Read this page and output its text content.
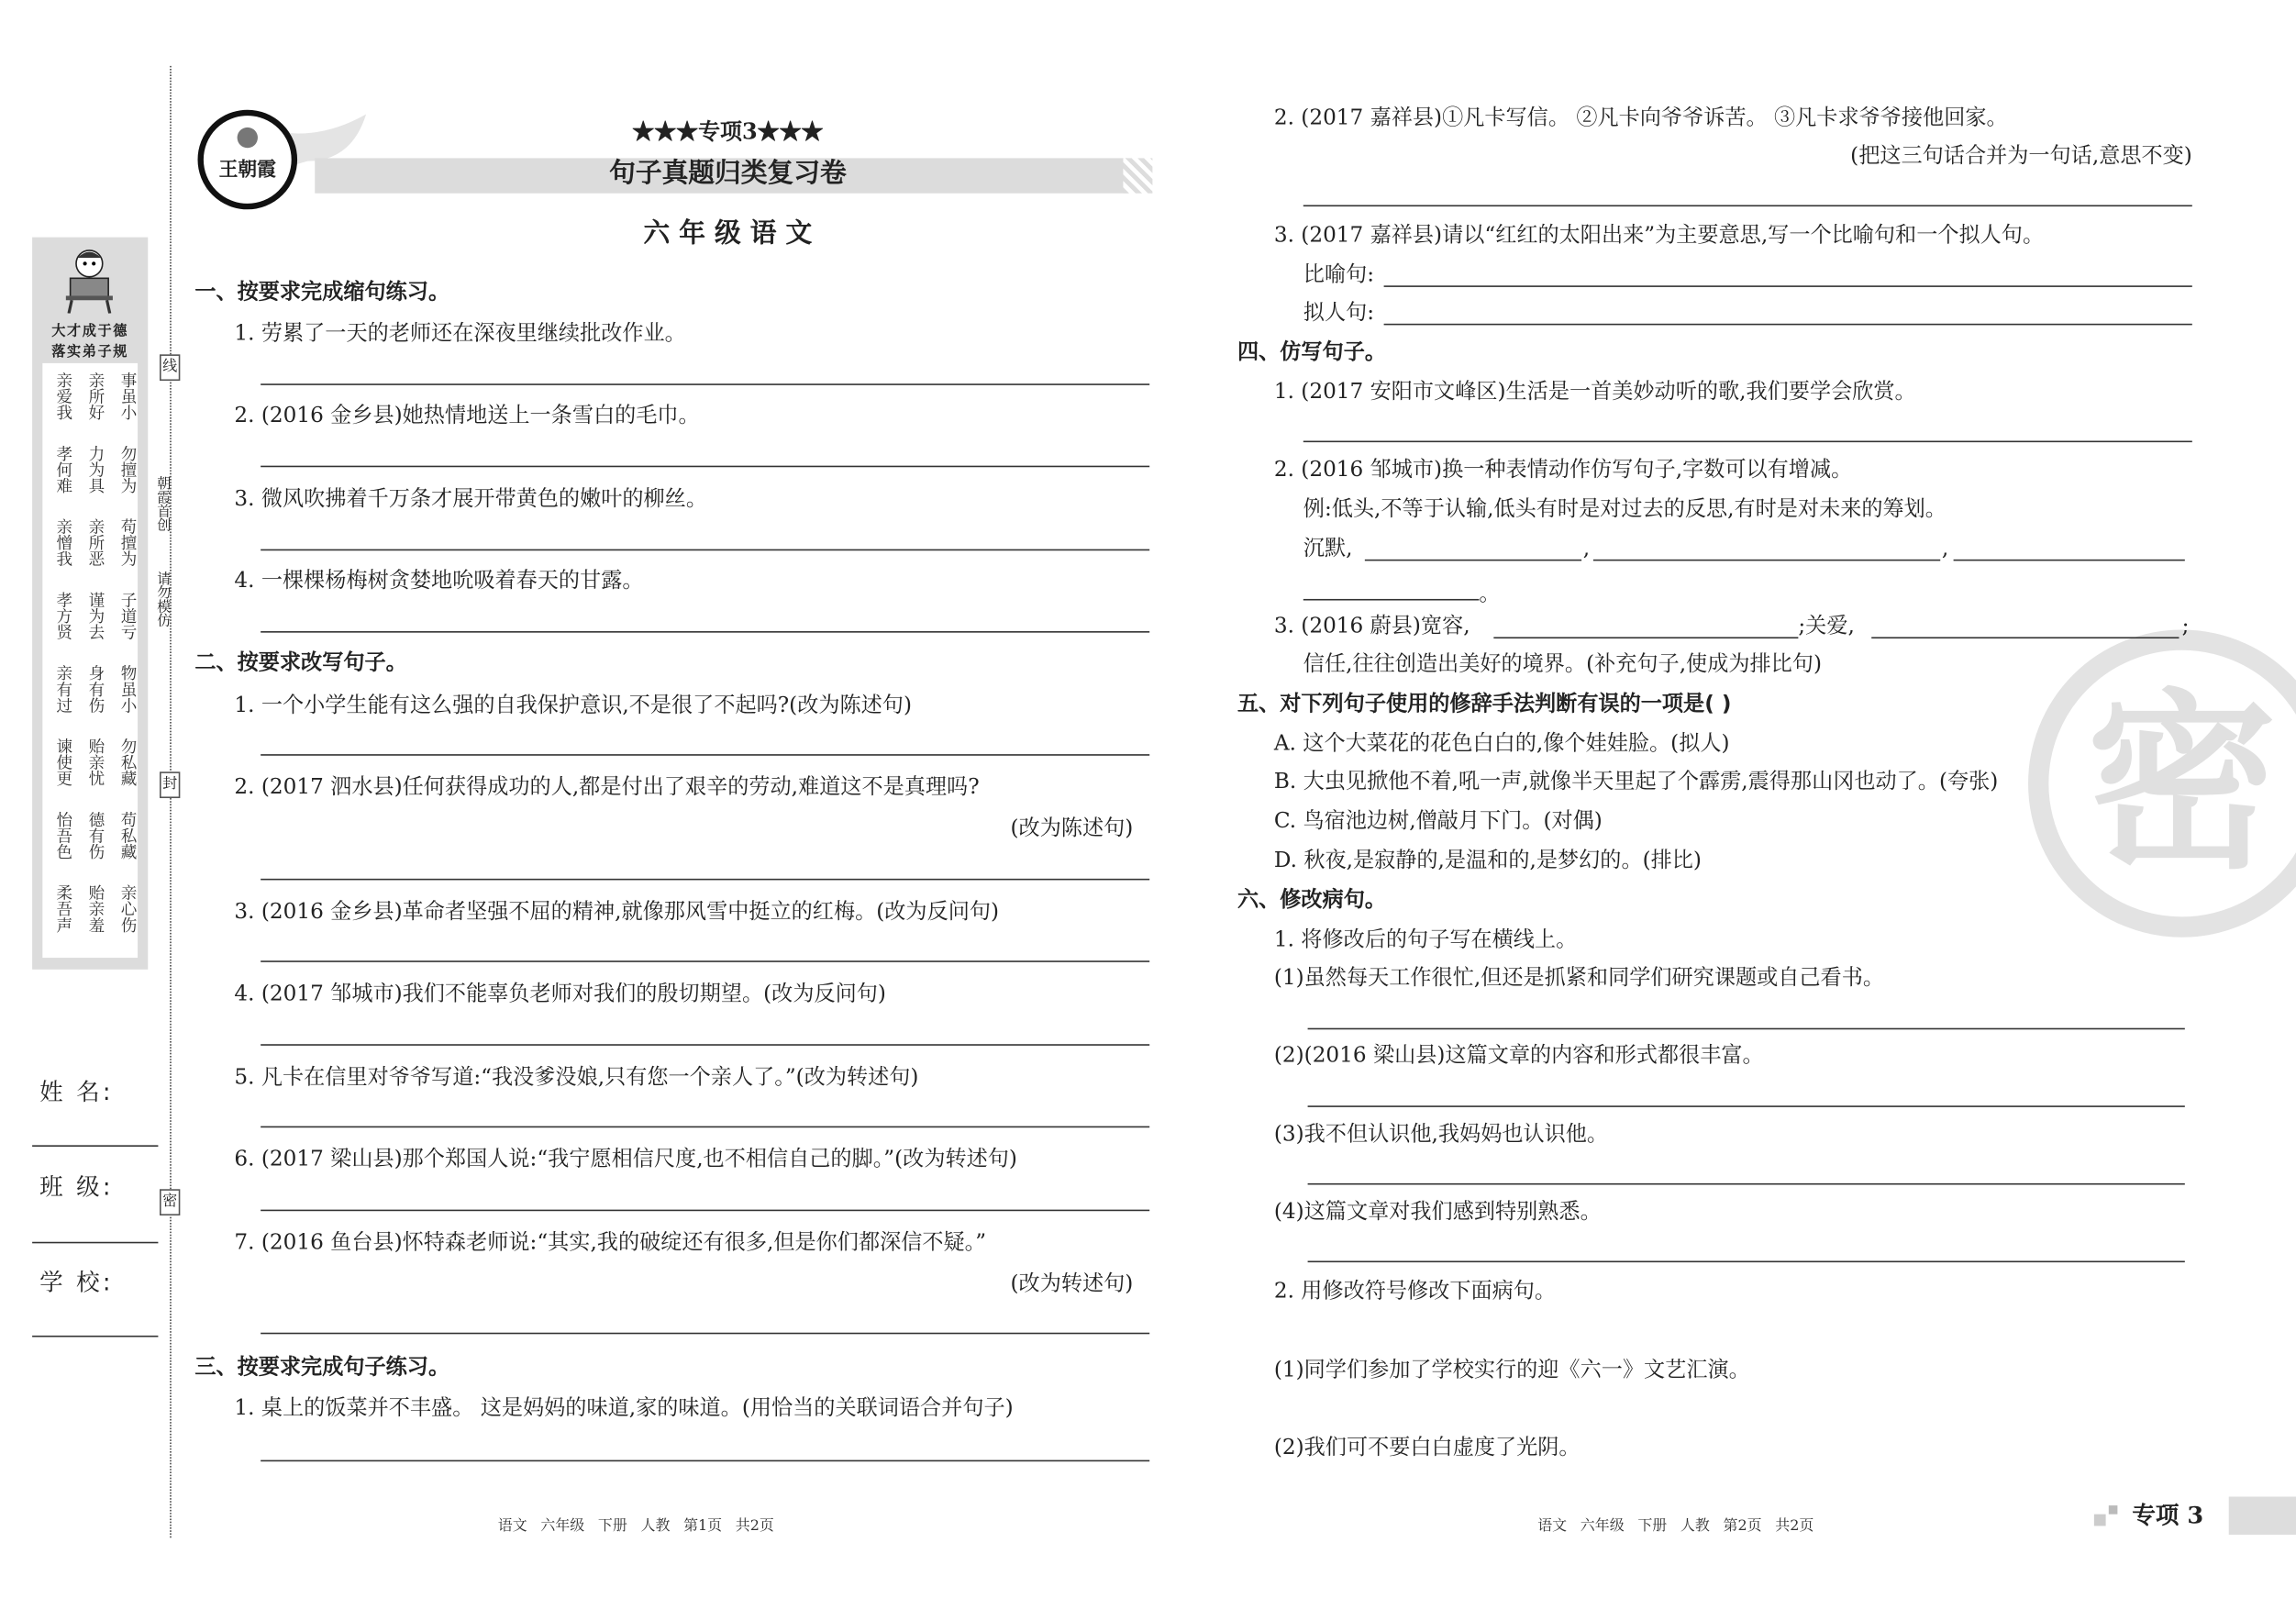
大才成于德
落实弟子规
亲爱我 亲所好 事虽小
孝何难 力为具 勿擅为
亲憎我 亲所恶 苟擅为
孝方贤 谨为去 子道亏
亲有过 身有伤 物虽小
谏使更 贻亲忧 勿私藏
怡吾色 德有伤 苟私藏
柔吾声 贻亲羞 亲心伤
姓 名:
班 级:
学 校:
线
封
密
朝霞首创
请勿模仿
王朝霞
★★★专项3★★★
句子真题归类复习卷
六 年 级 语 文
一、按要求完成缩句练习。
1. 劳累了一天的老师还在深夜里继续批改作业。
2. (2016 金乡县)她热情地送上一条雪白的毛巾。
3. 微风吹拂着千万条才展开带黄色的嫩叶的柳丝。
4. 一棵棵杨梅树贪婪地吮吸着春天的甘露。
二、按要求改写句子。
1. 一个小学生能有这么强的自我保护意识,不是很了不起吗?(改为陈述句)
2. (2017 泗水县)任何获得成功的人,都是付出了艰辛的劳动,难道这不是真理吗?
(改为陈述句)
3. (2016 金乡县)革命者坚强不屈的精神,就像那风雪中挺立的红梅。(改为反问句)
4. (2017 邹城市)我们不能辜负老师对我们的殷切期望。(改为反问句)
5. 凡卡在信里对爷爷写道:“我没爹没娘,只有您一个亲人了。”(改为转述句)
6. (2017 梁山县)那个郑国人说:“我宁愿相信尺度,也不相信自己的脚。”(改为转述句)
7. (2016 鱼台县)怀特森老师说:“其实,我的破绽还有很多,但是你们都深信不疑。”
(改为转述句)
三、按要求完成句子练习。
1. 桌上的饭菜并不丰盛。 这是妈妈的味道,家的味道。(用恰当的关联词语合并句子)
语文 六年级 下册 人教 第1页 共2页
密
2. (2017 嘉祥县)①凡卡写信。 ②凡卡向爷爷诉苦。 ③凡卡求爷爷接他回家。
(把这三句话合并为一句话,意思不变)
3. (2017 嘉祥县)请以“红红的太阳出来”为主要意思,写一个比喻句和一个拟人句。
比喻句:
拟人句:
四、仿写句子。
1. (2017 安阳市文峰区)生活是一首美妙动听的歌,我们要学会欣赏。
2. (2016 邹城市)换一种表情动作仿写句子,字数可以有增减。
例:低头,不等于认输,低头有时是对过去的反思,有时是对未来的筹划。
沉默,	,	,
。
3. (2016 蔚县)宽容,	;关爱,	;
信任,往往创造出美好的境界。(补充句子,使成为排比句)
五、对下列句子使用的修辞手法判断有误的一项是( )
A. 这个大菜花的花色白白的,像个娃娃脸。(拟人)
B. 大虫见掀他不着,吼一声,就像半天里起了个霹雳,震得那山冈也动了。(夸张)
C. 鸟宿池边树,僧敲月下门。(对偶)
D. 秋夜,是寂静的,是温和的,是梦幻的。(排比)
六、修改病句。
1. 将修改后的句子写在横线上。
(1)虽然每天工作很忙,但还是抓紧和同学们研究课题或自己看书。
(2)(2016 梁山县)这篇文章的内容和形式都很丰富。
(3)我不但认识他,我妈妈也认识他。
(4)这篇文章对我们感到特别熟悉。
2. 用修改符号修改下面病句。
(1)同学们参加了学校实行的迎《六一》文艺汇演。
(2)我们可不要白白虚度了光阴。
语文 六年级 下册 人教 第2页 共2页	专项 3
